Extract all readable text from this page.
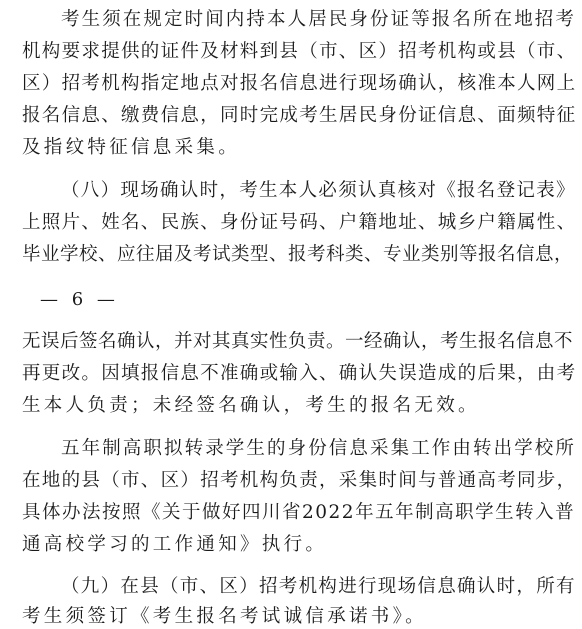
考生须在规定时间内持本人居民身份证等报名所在地招考
机构要求提供的证件及材料到县（市、区）招考机构或县（市、
区）招考机构指定地点对报名信息进行现场确认，核准本人网上
报名信息、缴费信息，同时完成考生居民身份证信息、面频特征
及指纹特征信息采集。
（八）现场确认时，考生本人必须认真核对《报名登记表》
上照片、姓名、民族、身份证号码、户籍地址、城乡户籍属性、
毕业学校、应往届及考试类型、报考科类、专业类别等报名信息，
— 6 —
无误后签名确认，并对其真实性负责。一经确认，考生报名信息不
再更改。因填报信息不准确或输入、确认失误造成的后果，由考
生本人负责；未经签名确认，考生的报名无效。
五年制高职拟转录学生的身份信息采集工作由转出学校所
在地的县（市、区）招考机构负责，采集时间与普通高考同步，
具体办法按照《关于做好四川省2022年五年制高职学生转入普
通高校学习的工作通知》执行。
（九）在县（市、区）招考机构进行现场信息确认时，所有
考生须签订《考生报名考试诚信承诺书》。
